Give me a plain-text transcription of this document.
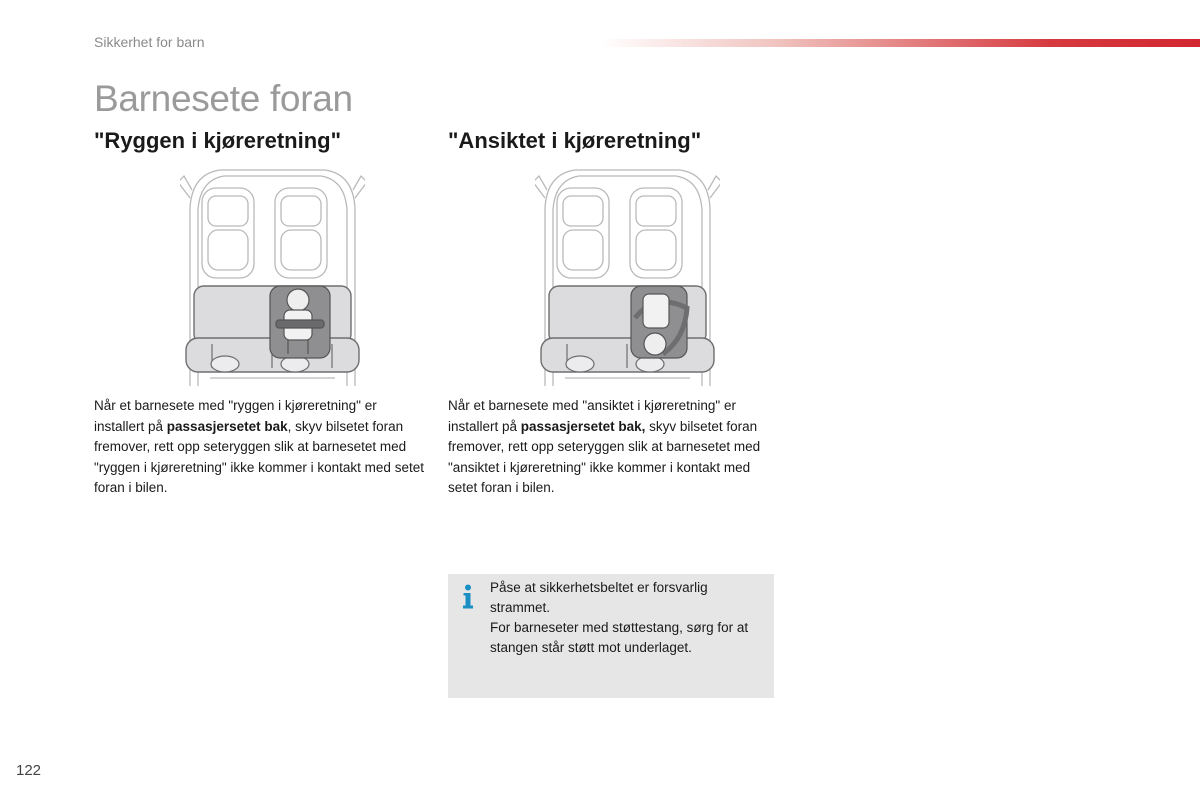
Sikkerhet for barn
Barnesete foran
"Ryggen i kjøreretning"
Når et barnesete med "ryggen i kjøreretning" er installert på passasjersetet bak, skyv bilsetet foran fremover, rett opp seteryggen slik at barnesetet med "ryggen i kjøreretning" ikke kommer i kontakt med setet foran i bilen.
"Ansiktet i kjøreretning"
Når et barnesete med "ansiktet i kjøreretning" er installert på passasjersetet bak, skyv bilsetet foran fremover, rett opp seteryggen slik at barnesetet med "ansiktet i kjøreretning" ikke kommer i kontakt med setet foran i bilen.
Påse at sikkerhetsbeltet er forsvarlig strammet.
For barneseter med støttestang, sørg for at stangen står støtt mot underlaget.
122
